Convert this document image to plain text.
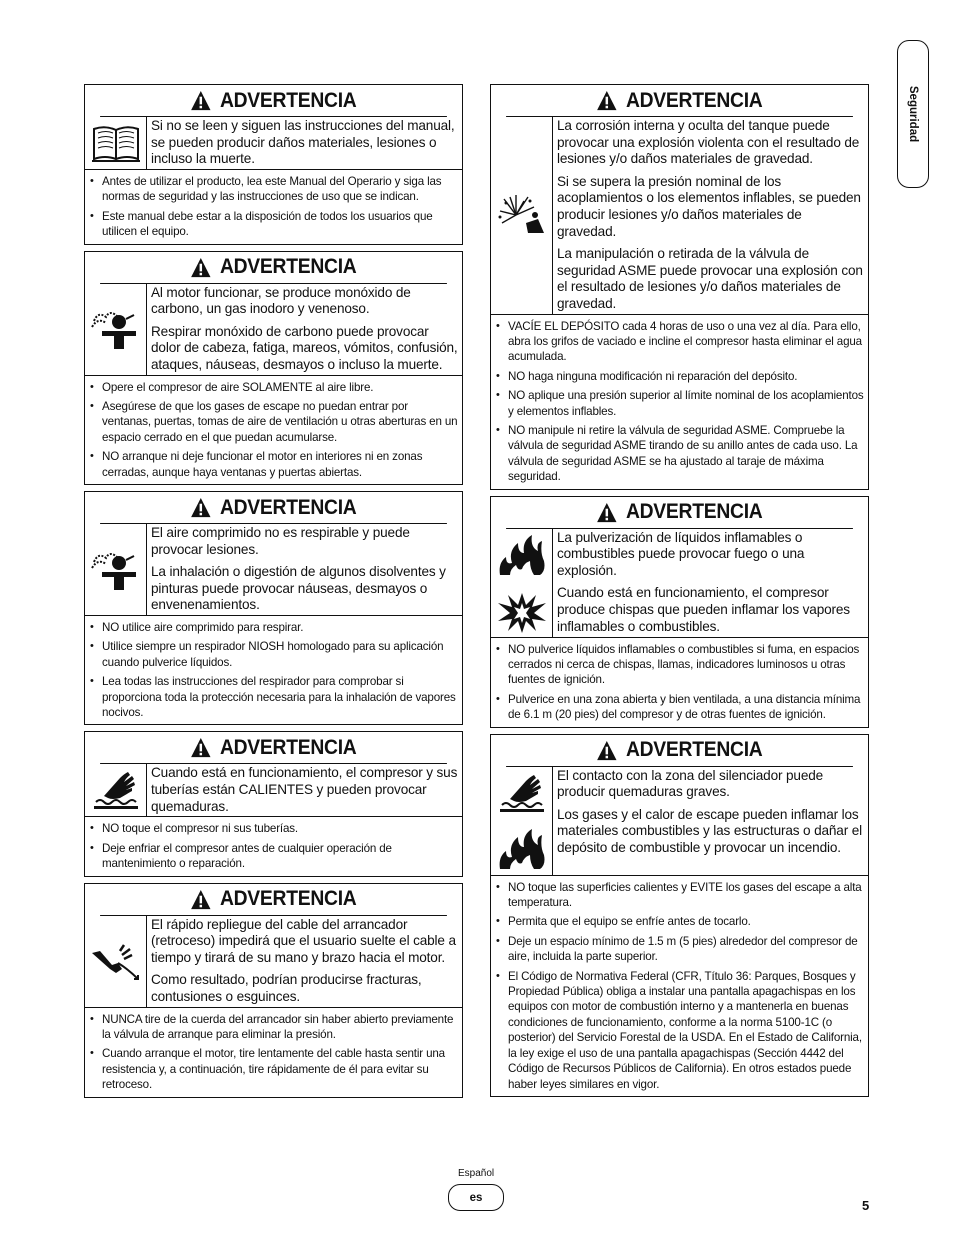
Seguridad
ADVERTENCIA

Si no se leen y siguen las instrucciones del manual, se pueden producir daños materiales, lesiones o incluso la muerte.

• Antes de utilizar el producto, lea este Manual del Operario y siga las normas de seguridad y las instrucciones de uso que se indican.
• Este manual debe estar a la disposición de todos los usuarios que utilicen el equipo.
ADVERTENCIA

Al motor funcionar, se produce monóxido de carbono, un gas inodoro y venenoso.

Respirar monóxido de carbono puede provocar dolor de cabeza, fatiga, mareos, vómitos, confusión, ataques, náuseas, desmayos o incluso la muerte.

• Opere el compresor de aire SOLAMENTE al aire libre.
• Asegúrese de que los gases de escape no puedan entrar por ventanas, puertas, tomas de aire de ventilación u otras aberturas en un espacio cerrado en el que puedan acumularse.
• NO arranque ni deje funcionar el motor en interiores ni en zonas cerradas, aunque haya ventanas y puertas abiertas.
ADVERTENCIA

El aire comprimido no es respirable y puede provocar lesiones.

La inhalación o digestión de algunos disolventes y pinturas puede provocar náuseas, desmayos o envenenamientos.

• NO utilice aire comprimido para respirar.
• Utilice siempre un respirador NIOSH homologado para su aplicación cuando pulverice líquidos.
• Lea todas las instrucciones del respirador para comprobar si proporciona toda la protección necesaria para la inhalación de vapores nocivos.
ADVERTENCIA

Cuando está en funcionamiento, el compresor y sus tuberías están CALIENTES y pueden provocar quemaduras.

• NO toque el compresor ni sus tuberías.
• Deje enfriar el compresor antes de cualquier operación de mantenimiento o reparación.
ADVERTENCIA

El rápido repliegue del cable del arrancador (retroceso) impedirá que el usuario suelte el cable a tiempo y tirará de su mano y brazo hacia el motor.

Como resultado, podrían producirse fracturas, contusiones o esguinces.

• NUNCA tire de la cuerda del arrancador sin haber abierto previamente la válvula de arranque para eliminar la presión.
• Cuando arranque el motor, tire lentamente del cable hasta sentir una resistencia y, a continuación, tire rápidamente de él para evitar su retroceso.
ADVERTENCIA

La corrosión interna y oculta del tanque puede provocar una explosión violenta con el resultado de lesiones y/o daños materiales de gravedad.

Si se supera la presión nominal de los acoplamientos o los elementos inflables, se pueden producir lesiones y/o daños materiales de gravedad.

La manipulación o retirada de la válvula de seguridad ASME puede provocar una explosión con el resultado de lesiones y/o daños materiales de gravedad.

• VACÍE EL DEPÓSITO cada 4 horas de uso o una vez al día. Para ello, abra los grifos de vaciado e incline el compresor hasta eliminar el agua acumulada.
• NO haga ninguna modificación ni reparación del depósito.
• NO aplique una presión superior al límite nominal de los acoplamientos y elementos inflables.
• NO manipule ni retire la válvula de seguridad ASME. Compruebe la válvula de seguridad ASME tirando de su anillo antes de cada uso. La válvula de seguridad ASME se ha ajustado al taraje de máxima seguridad.
ADVERTENCIA

La pulverización de líquidos inflamables o combustibles puede provocar fuego o una explosión.

Cuando está en funcionamiento, el compresor produce chispas que pueden inflamar los vapores inflamables o combustibles.

• NO pulverice líquidos inflamables o combustibles si fuma, en espacios cerrados ni cerca de chispas, llamas, indicadores luminosos u otras fuentes de ignición.
• Pulverice en una zona abierta y bien ventilada, a una distancia mínima de 6.1 m (20 pies) del compresor y de otras fuentes de ignición.
ADVERTENCIA

El contacto con la zona del silenciador puede producir quemaduras graves.

Los gases y el calor de escape pueden inflamar los materiales combustibles y las estructuras o dañar el depósito de combustible y provocar un incendio.

• NO toque las superficies calientes y EVITE los gases del escape a alta temperatura.
• Permita que el equipo se enfríe antes de tocarlo.
• Deje un espacio mínimo de 1.5 m (5 pies) alrededor del compresor de aire, incluida la parte superior.
• El Código de Normativa Federal (CFR, Título 36: Parques, Bosques y Propiedad Pública) obliga a instalar una pantalla apagachispas en los equipos con motor de combustión interno y a mantenerla en buenas condiciones de funcionamiento, conforme a la norma 5100-1C (o posterior) del Servicio Forestal de la USDA. En el Estado de California, la ley exige el uso de una pantalla apagachispas (Sección 4442 del Código de Recursos Públicos de California). En otros estados puede haber leyes similares en vigor.
Español
es
5
